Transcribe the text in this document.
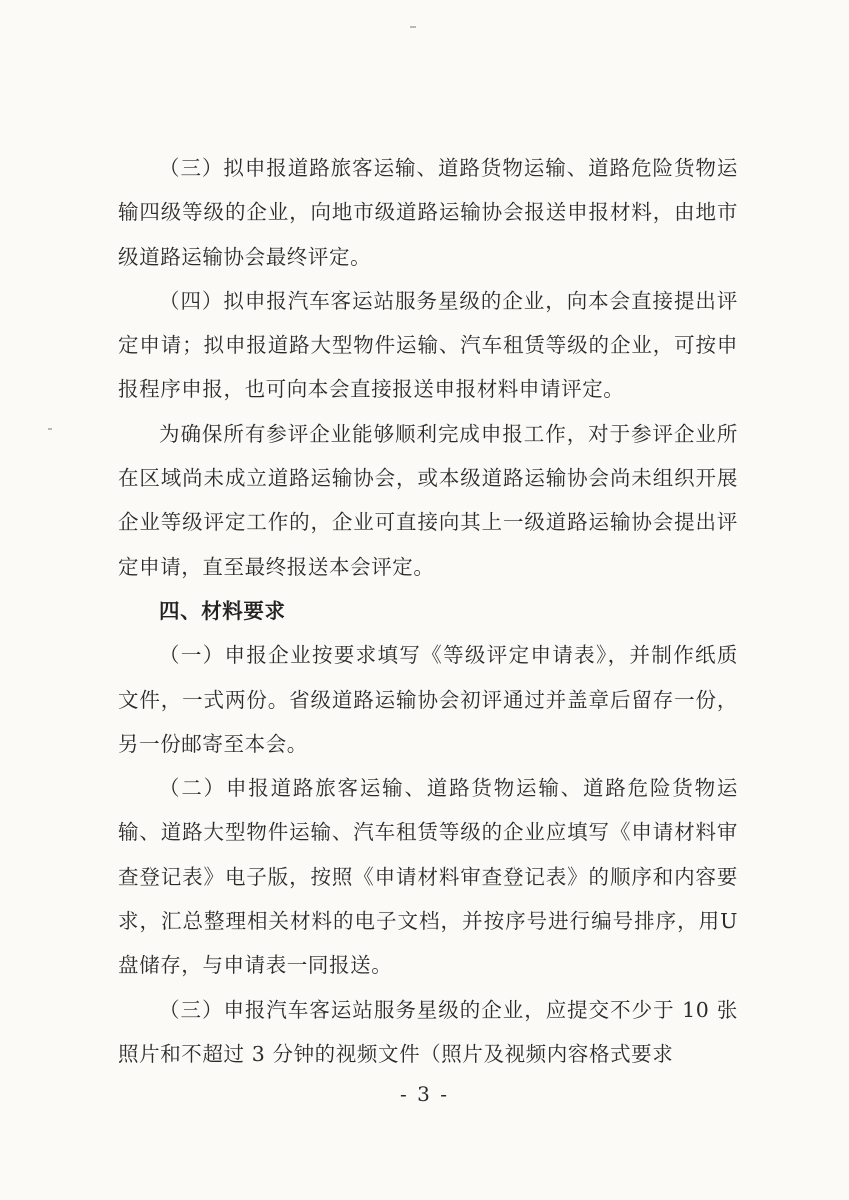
（三）拟申报道路旅客运输、道路货物运输、道路危险货物运输四级等级的企业，向地市级道路运输协会报送申报材料，由地市级道路运输协会最终评定。

（四）拟申报汽车客运站服务星级的企业，向本会直接提出评定申请；拟申报道路大型物件运输、汽车租赁等级的企业，可按申报程序申报，也可向本会直接报送申报材料申请评定。

为确保所有参评企业能够顺利完成申报工作，对于参评企业所在区域尚未成立道路运输协会，或本级道路运输协会尚未组织开展企业等级评定工作的，企业可直接向其上一级道路运输协会提出评定申请，直至最终报送本会评定。

四、材料要求

（一）申报企业按要求填写《等级评定申请表》，并制作纸质文件，一式两份。省级道路运输协会初评通过并盖章后留存一份，另一份邮寄至本会。

（二）申报道路旅客运输、道路货物运输、道路危险货物运输、道路大型物件运输、汽车租赁等级的企业应填写《申请材料审查登记表》电子版，按照《申请材料审查登记表》的顺序和内容要求，汇总整理相关材料的电子文档，并按序号进行编号排序，用U盘储存，与申请表一同报送。

（三）申报汽车客运站服务星级的企业，应提交不少于 10 张照片和不超过 3 分钟的视频文件（照片及视频内容格式要求

- 3 -
